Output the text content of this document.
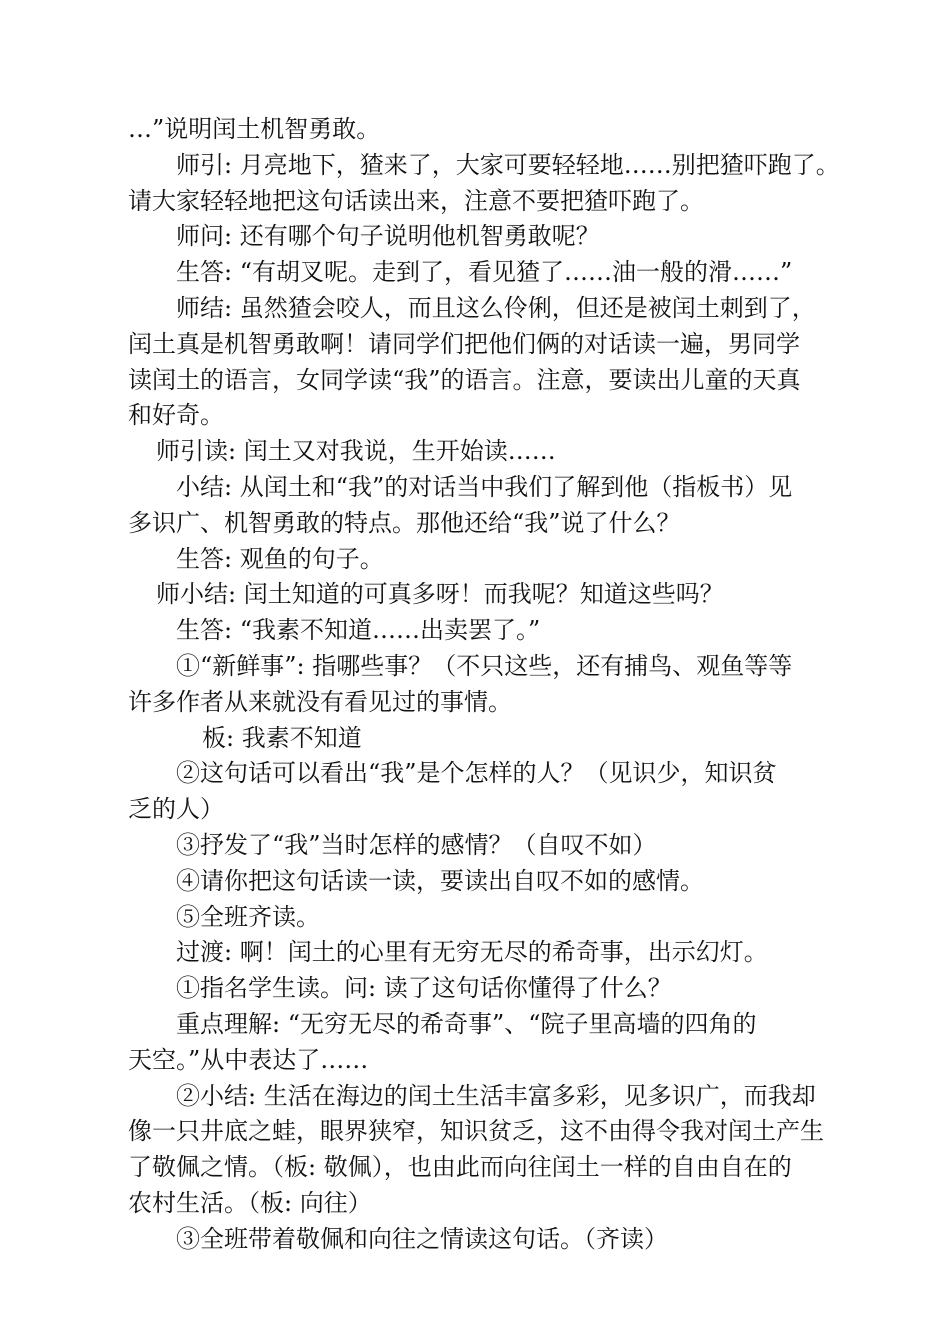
…”说明闰土机智勇敢。
师引: 月亮地下，猹来了，大家可要轻轻地……别把猹吓跑了。
请大家轻轻地把这句话读出来，注意不要把猹吓跑了。
师问: 还有哪个句子说明他机智勇敢呢？
生答: “有胡叉呢。走到了，看见猹了……油一般的滑……”
师结: 虽然猹会咬人，而且这么伶俐，但还是被闰土刺到了，
闰土真是机智勇敢啊！请同学们把他们俩的对话读一遍，男同学
读闰土的语言，女同学读“我”的语言。注意，要读出儿童的天真
和好奇。
师引读: 闰土又对我说，生开始读……
小结: 从闰土和“我”的对话当中我们了解到他（指板书）见
多识广、机智勇敢的特点。那他还给“我”说了什么？
生答: 观鱼的句子。
师小结: 闰土知道的可真多呀！而我呢？知道这些吗？
生答: “我素不知道……出卖罢了。”
①“新鲜事”: 指哪些事？（不只这些，还有捕鸟、观鱼等等
许多作者从来就没有看见过的事情。
板: 我素不知道
②这句话可以看出“我”是个怎样的人？（见识少，知识贫
乏的人）
③抒发了“我”当时怎样的感情？（自叹不如）
④请你把这句话读一读，要读出自叹不如的感情。
⑤全班齐读。
过渡: 啊！闰土的心里有无穷无尽的希奇事，出示幻灯。
①指名学生读。问: 读了这句话你懂得了什么？
重点理解: “无穷无尽的希奇事”、“院子里高墙的四角的
天空。”从中表达了……
②小结: 生活在海边的闰土生活丰富多彩，见多识广，而我却
像一只井底之蛙，眼界狭窄，知识贫乏，这不由得令我对闰土产生
了敬佩之情。（板: 敬佩），也由此而向往闰土一样的自由自在的
农村生活。（板: 向往）
③全班带着敬佩和向往之情读这句话。（齐读）
